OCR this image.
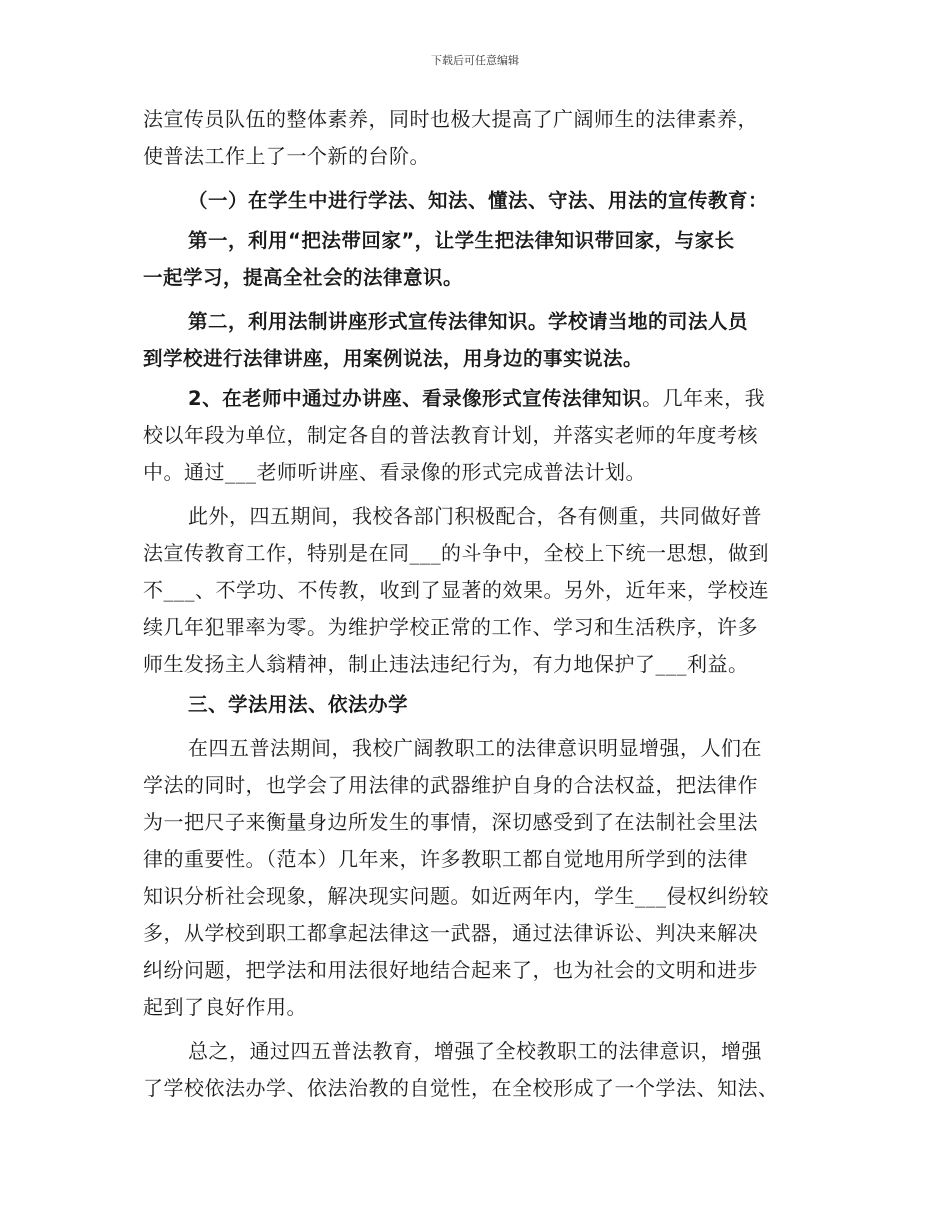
下载后可任意编辑
法宣传员队伍的整体素养，同时也极大提高了广阔师生的法律素养，
使普法工作上了一个新的台阶。
（一）在学生中进行学法、知法、懂法、守法、用法的宣传教育：
第一，利用“把法带回家”，让学生把法律知识带回家，与家长
一起学习，提高全社会的法律意识。
第二，利用法制讲座形式宣传法律知识。学校请当地的司法人员
到学校进行法律讲座，用案例说法，用身边的事实说法。
2、在老师中通过办讲座、看录像形式宣传法律知识。几年来，我
校以年段为单位，制定各自的普法教育计划，并落实老师的年度考核
中。通过___老师听讲座、看录像的形式完成普法计划。
此外，四五期间，我校各部门积极配合，各有侧重，共同做好普
法宣传教育工作，特别是在同___的斗争中，全校上下统一思想，做到
不___、不学功、不传教，收到了显著的效果。另外，近年来，学校连
续几年犯罪率为零。为维护学校正常的工作、学习和生活秩序，许多
师生发扬主人翁精神，制止违法违纪行为，有力地保护了___利益。
三、学法用法、依法办学
在四五普法期间，我校广阔教职工的法律意识明显增强，人们在
学法的同时，也学会了用法律的武器维护自身的合法权益，把法律作
为一把尺子来衡量身边所发生的事情，深切感受到了在法制社会里法
律的重要性。（范本）几年来，许多教职工都自觉地用所学到的法律
知识分析社会现象，解决现实问题。如近两年内，学生___侵权纠纷较
多，从学校到职工都拿起法律这一武器，通过法律诉讼、判决来解决
纠纷问题，把学法和用法很好地结合起来了，也为社会的文明和进步
起到了良好作用。
总之，通过四五普法教育，增强了全校教职工的法律意识，增强
了学校依法办学、依法治教的自觉性，在全校形成了一个学法、知法、
